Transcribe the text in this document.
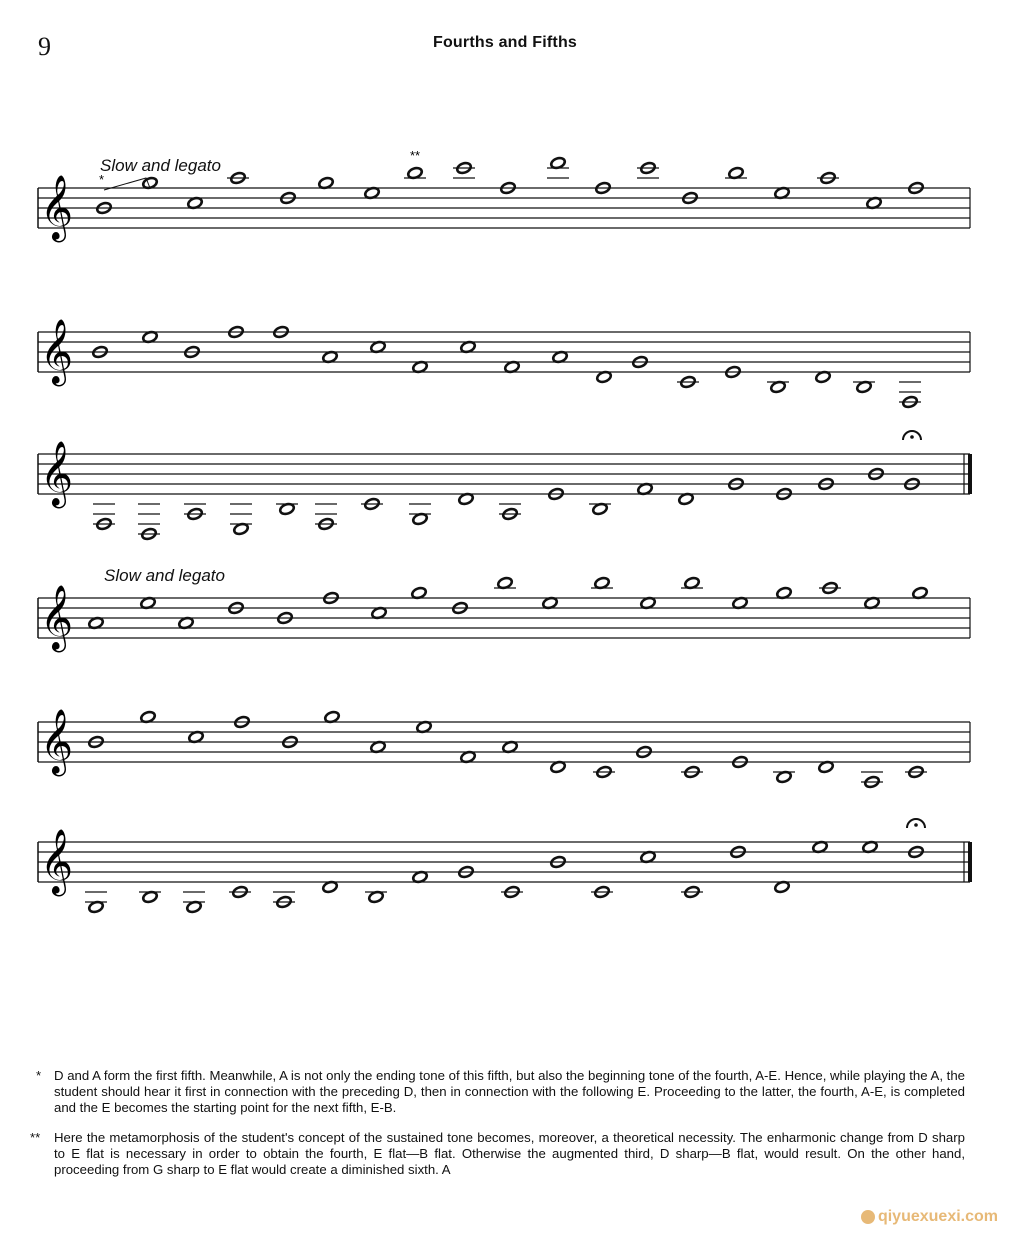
9	Fourths and Fifths
Slow and legato
Slow and legato
𝄞
𝄞
𝄞
𝄞
𝄞
𝄞
*
**

* D and A form the first fifth. Meanwhile, A is not only the ending tone of this fifth, but also the beginning tone of the fourth, A-E. Hence, while playing the A, the student should hear it first in connection with the preceding D, then in connection with the following E. Proceeding to the latter, the fourth, A-E, is completed and the E becomes the starting point for the next fifth, E-B.

** Here the metamorphosis of the student's concept of the sustained tone becomes, moreover, a theoretical necessity. The enharmonic change from D sharp to E flat is necessary in order to obtain the fourth, E flat—B flat. Otherwise the augmented third, D sharp—B flat, would result. On the other hand, proceeding from G sharp to E flat would create a diminished sixth. A

qiyuexuexi.com
